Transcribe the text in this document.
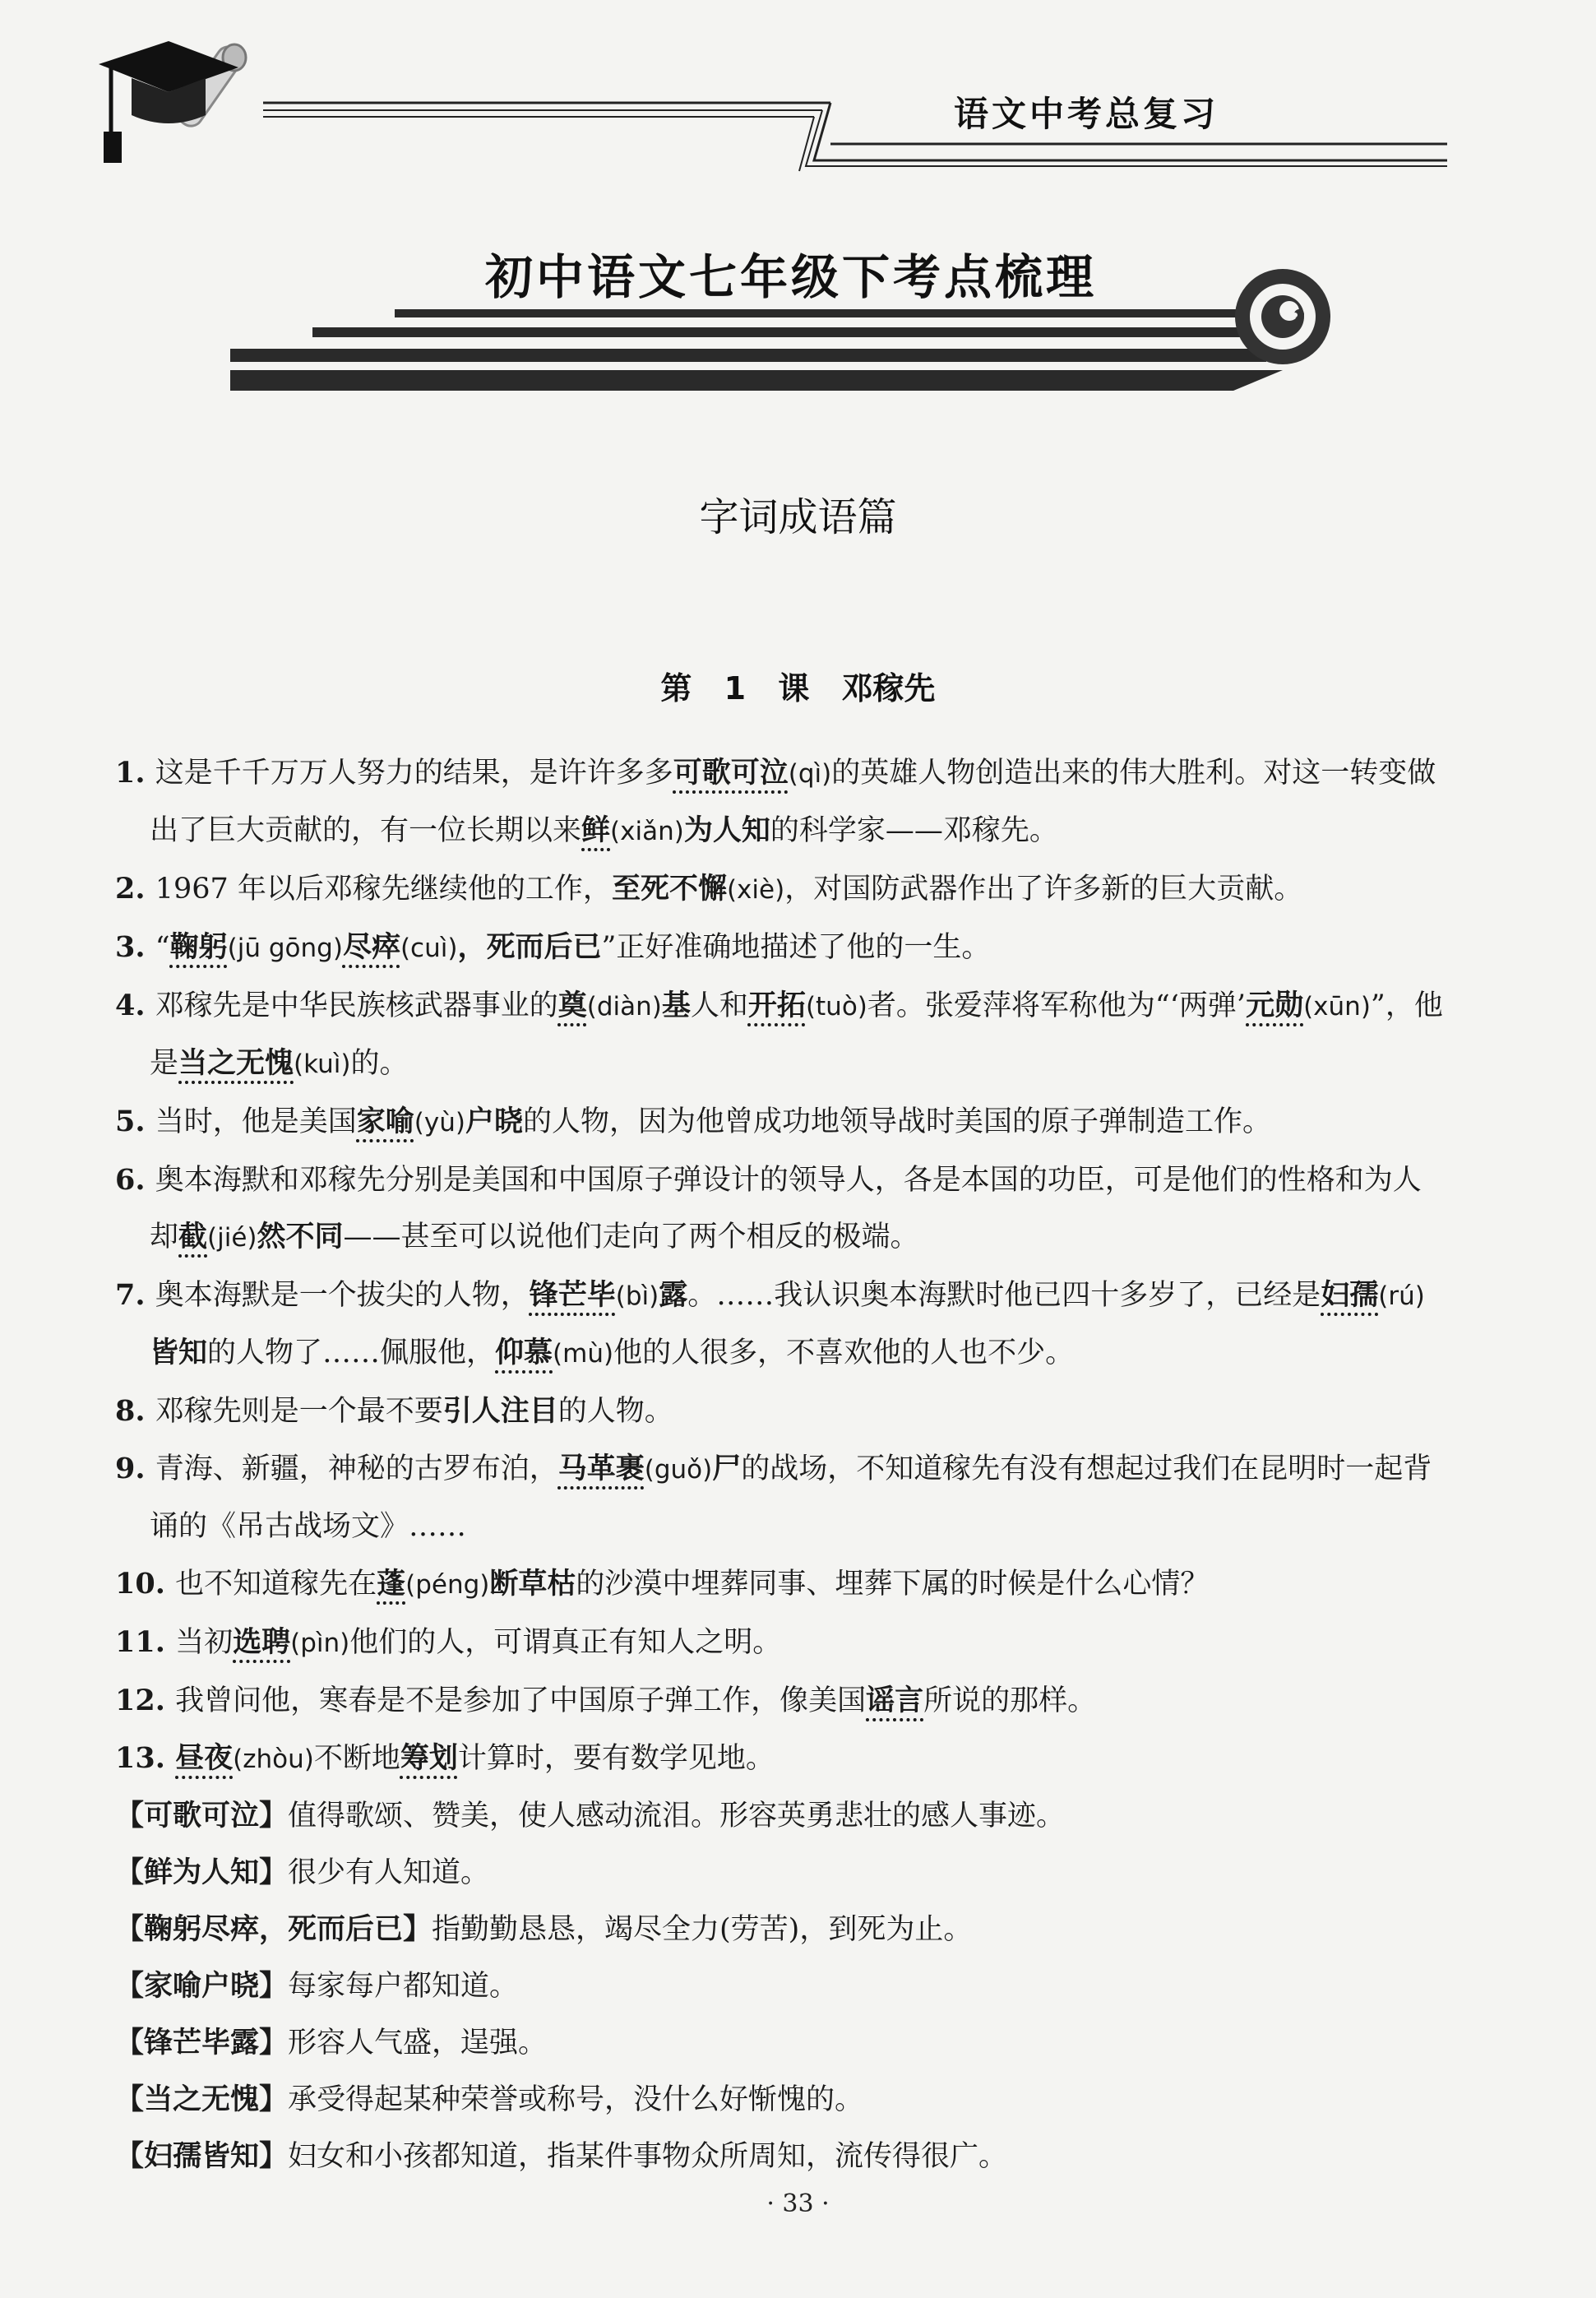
语文中考总复习
初中语文七年级下考点梳理
字词成语篇
第 1 课 邓稼先

1. 这是千千万万人努力的结果，是许许多多可歌可泣(qì)的英雄人物创造出来的伟大胜利。对这一转变做出了巨大贡献的，有一位长期以来鲜(xiǎn)为人知的科学家——邓稼先。

2. 1967 年以后邓稼先继续他的工作，至死不懈(xiè)，对国防武器作出了许多新的巨大贡献。

3. “鞠躬(jū gōng)尽瘁(cuì)，死而后已”正好准确地描述了他的一生。

4. 邓稼先是中华民族核武器事业的奠(diàn)基人和开拓(tuò)者。张爱萍将军称他为“‘两弹’元勋(xūn)”，他是当之无愧(kuì)的。

5. 当时，他是美国家喻(yù)户晓的人物，因为他曾成功地领导战时美国的原子弹制造工作。

6. 奥本海默和邓稼先分别是美国和中国原子弹设计的领导人，各是本国的功臣，可是他们的性格和为人却截(jié)然不同——甚至可以说他们走向了两个相反的极端。

7. 奥本海默是一个拔尖的人物，锋芒毕(bì)露。……我认识奥本海默时他已四十多岁了，已经是妇孺(rú)皆知的人物了……佩服他，仰慕(mù)他的人很多，不喜欢他的人也不少。

8. 邓稼先则是一个最不要引人注目的人物。

9. 青海、新疆，神秘的古罗布泊，马革裹(guǒ)尸的战场，不知道稼先有没有想起过我们在昆明时一起背诵的《吊古战场文》……

10. 也不知道稼先在蓬(péng)断草枯的沙漠中埋葬同事、埋葬下属的时候是什么心情？

11. 当初选聘(pìn)他们的人，可谓真正有知人之明。

12. 我曾问他，寒春是不是参加了中国原子弹工作，像美国谣言所说的那样。

13. 昼夜(zhòu)不断地筹划计算时，要有数学见地。

【可歌可泣】值得歌颂、赞美，使人感动流泪。形容英勇悲壮的感人事迹。

【鲜为人知】很少有人知道。

【鞠躬尽瘁，死而后已】指勤勤恳恳，竭尽全力(劳苦)，到死为止。

【家喻户晓】每家每户都知道。

【锋芒毕露】形容人气盛，逞强。

【当之无愧】承受得起某种荣誉或称号，没什么好惭愧的。

【妇孺皆知】妇女和小孩都知道，指某件事物众所周知，流传得很广。

· 33 ·
